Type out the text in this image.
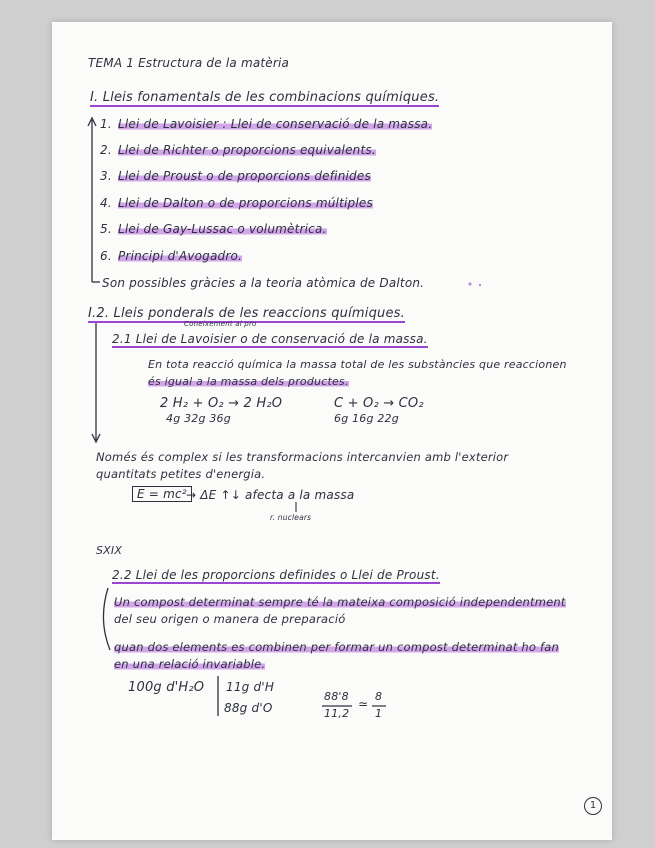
TEMA 1 Estructura de la matèria
I. Lleis fonamentals de les combinacions químiques.
1. Llei de Lavoisier : Llei de conservació de la massa.
2. Llei de Richter o proporcions equivalents.
3. Llei de Proust o de proporcions definides
4. Llei de Dalton o de proporcions múltiples
5. Llei de Gay-Lussac o volumètrica.
6. Principi d'Avogadro.
Son possibles gràcies a la teoria atòmica de Dalton.
I.2. Lleis ponderals de les reaccions químiques.
Coneixement al pro
2.1 Llei de Lavoisier o de conservació de la massa.
En tota reacció química la massa total de les substàncies que reaccionen
és igual a la massa dels productes.
2 H₂ + O₂ → 2 H₂O
4g 32g 36g
C + O₂ → CO₂
6g 16g 22g
Només és complex si les transformacions intercanvien amb l'exterior
quantitats petites d'energia.
E = mc² → ΔE ↑↓ afecta a la massa
r. nuclears
SXIX
2.2 Llei de les proporcions definides o Llei de Proust.
Un compost determinat sempre té la mateixa composició independentment
del seu origen o manera de preparació
quan dos elements es combinen per formar un compost determinat ho fan
en una relació invariable.
100g d'H₂O 11g d'H
88g d'O
88'8
11,2
≃
8
1
1
